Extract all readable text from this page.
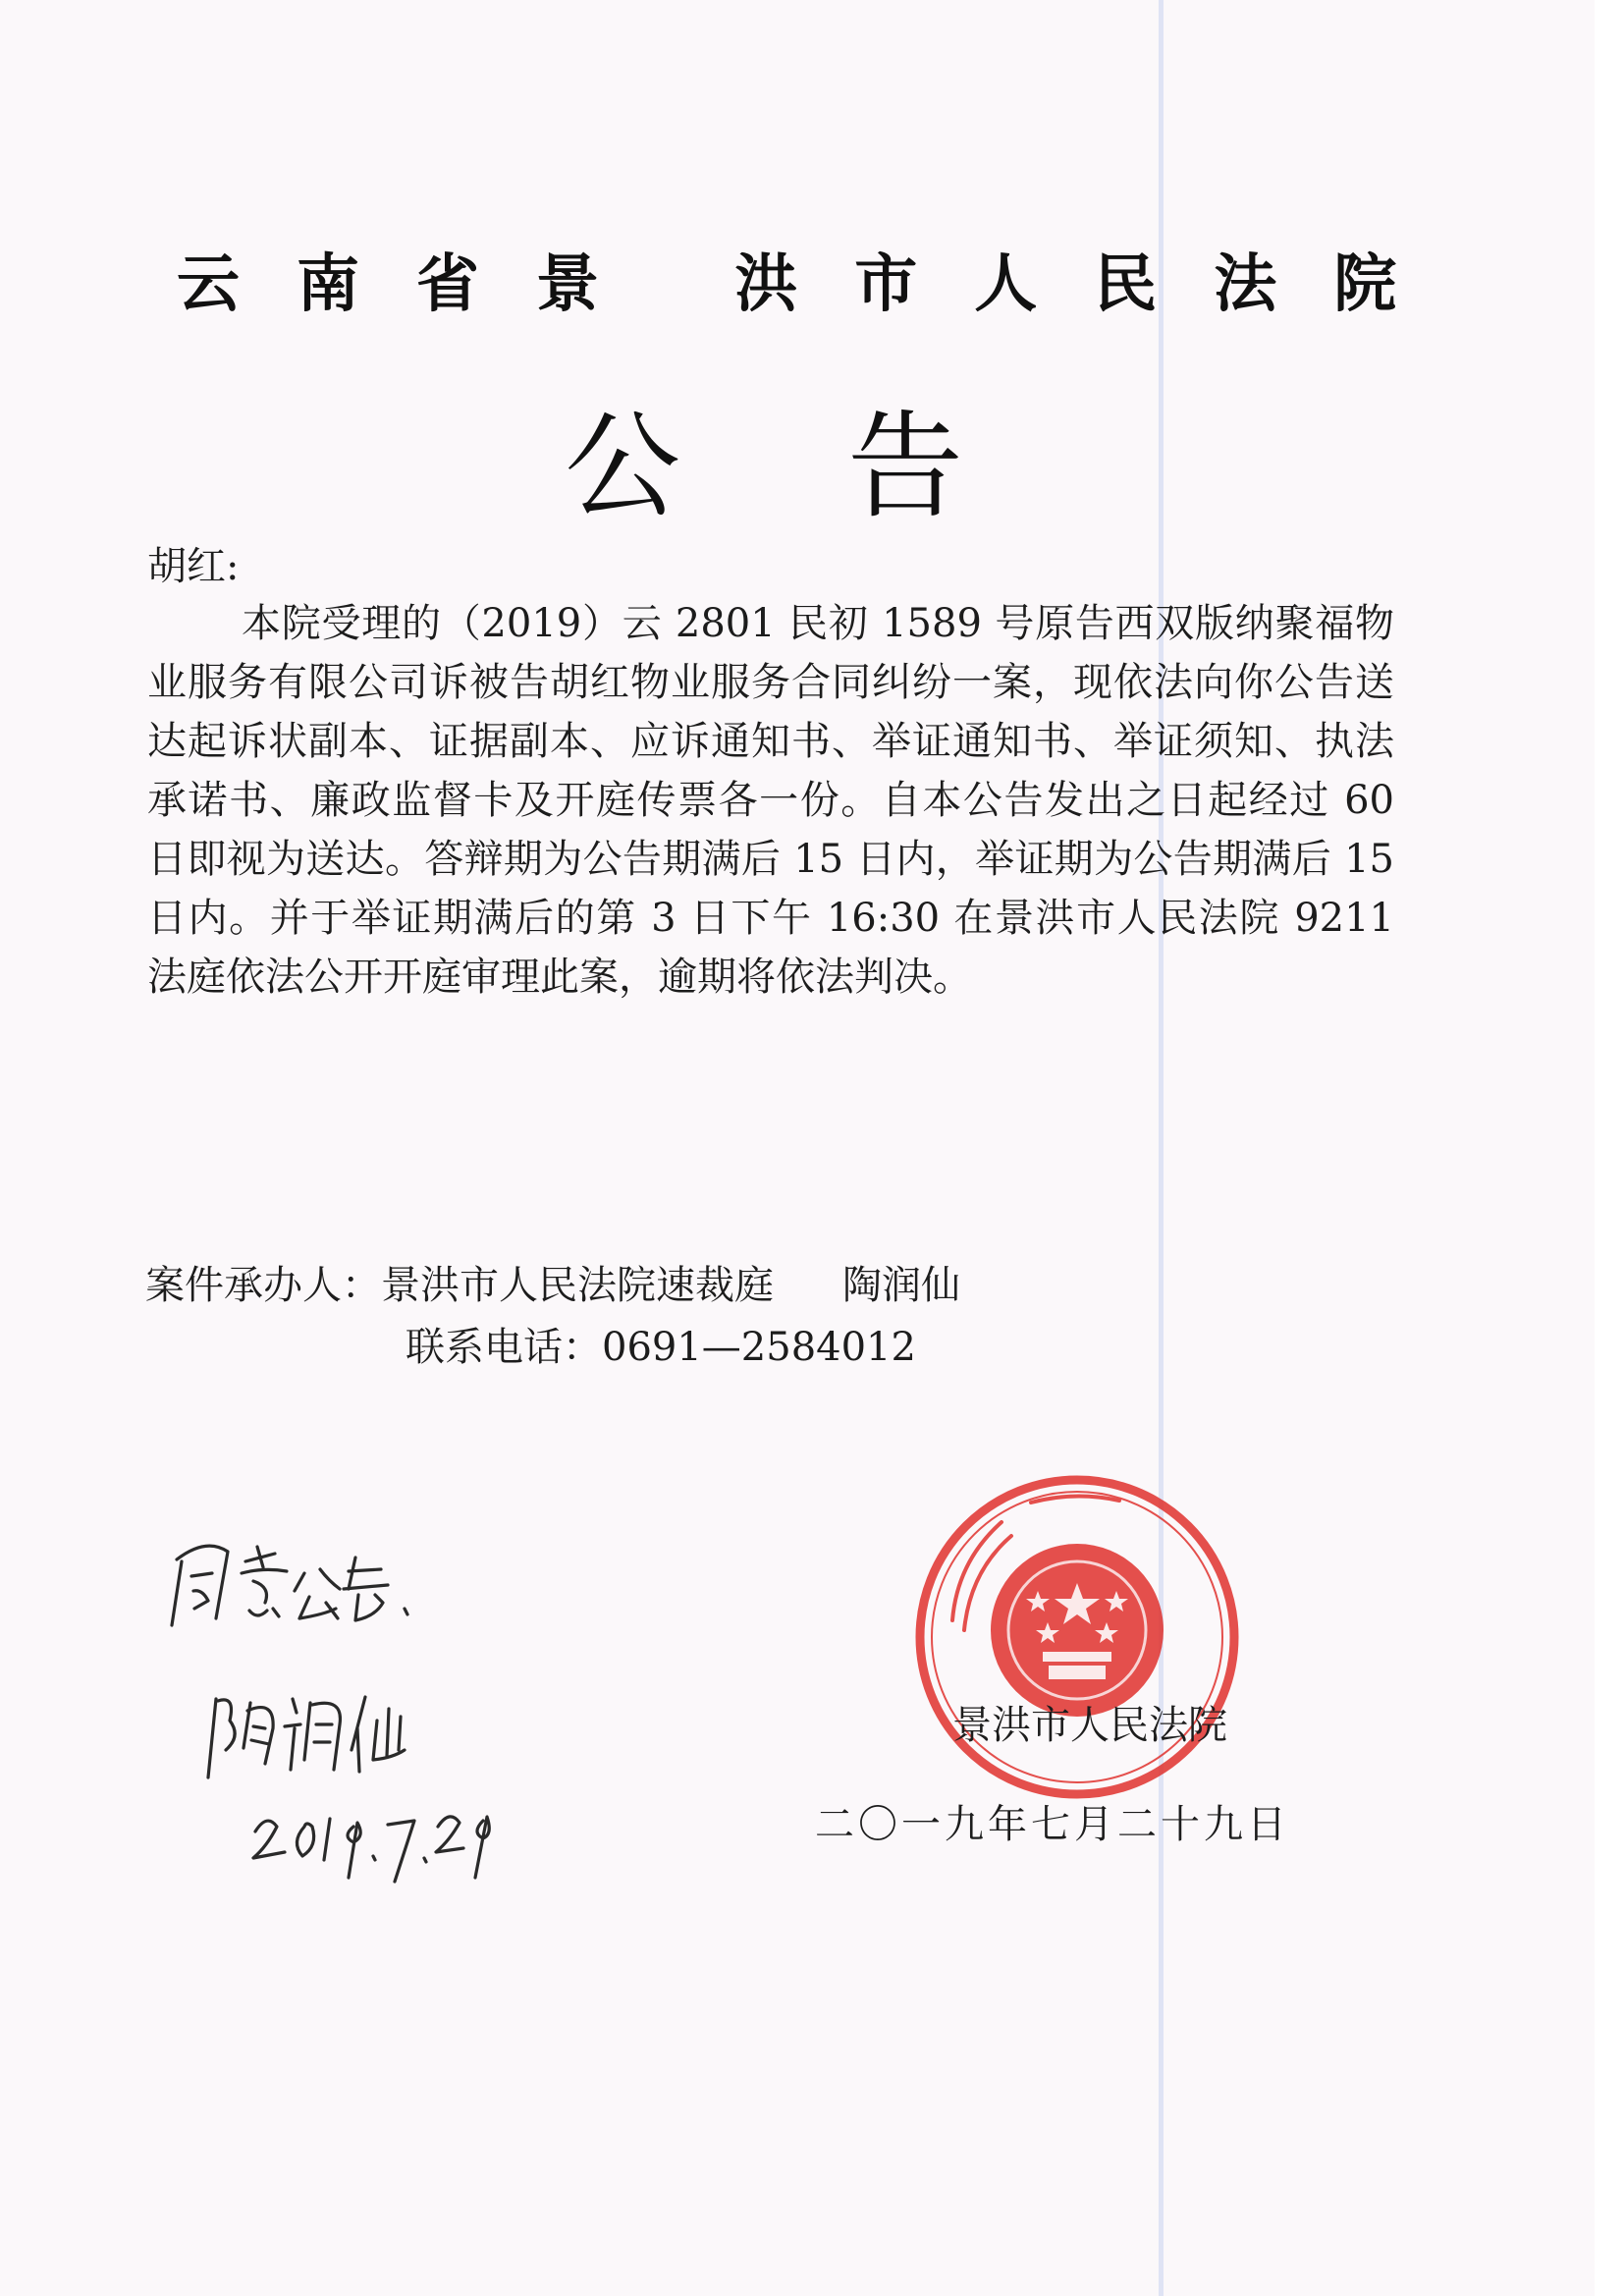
云南省景 洪市人民法院
公告
胡红:
本院受理的（2019）云 2801 民初 1589 号原告西双版纳聚福物业服务有限公司诉被告胡红物业服务合同纠纷一案，现依法向你公告送达起诉状副本、证据副本、应诉通知书、举证通知书、举证须知、执法承诺书、廉政监督卡及开庭传票各一份。自本公告发出之日起经过 60 日即视为送达。答辩期为公告期满后 15 日内，举证期为公告期满后 15 日内。并于举证期满后的第 3 日下午 16:30 在景洪市人民法院 9211 法庭依法公开开庭审理此案，逾期将依法判决。
案件承办人：景洪市人民法院速裁庭 陶润仙
联系电话：0691—2584012
景洪市人民法院
二〇一九年七月二十九日
